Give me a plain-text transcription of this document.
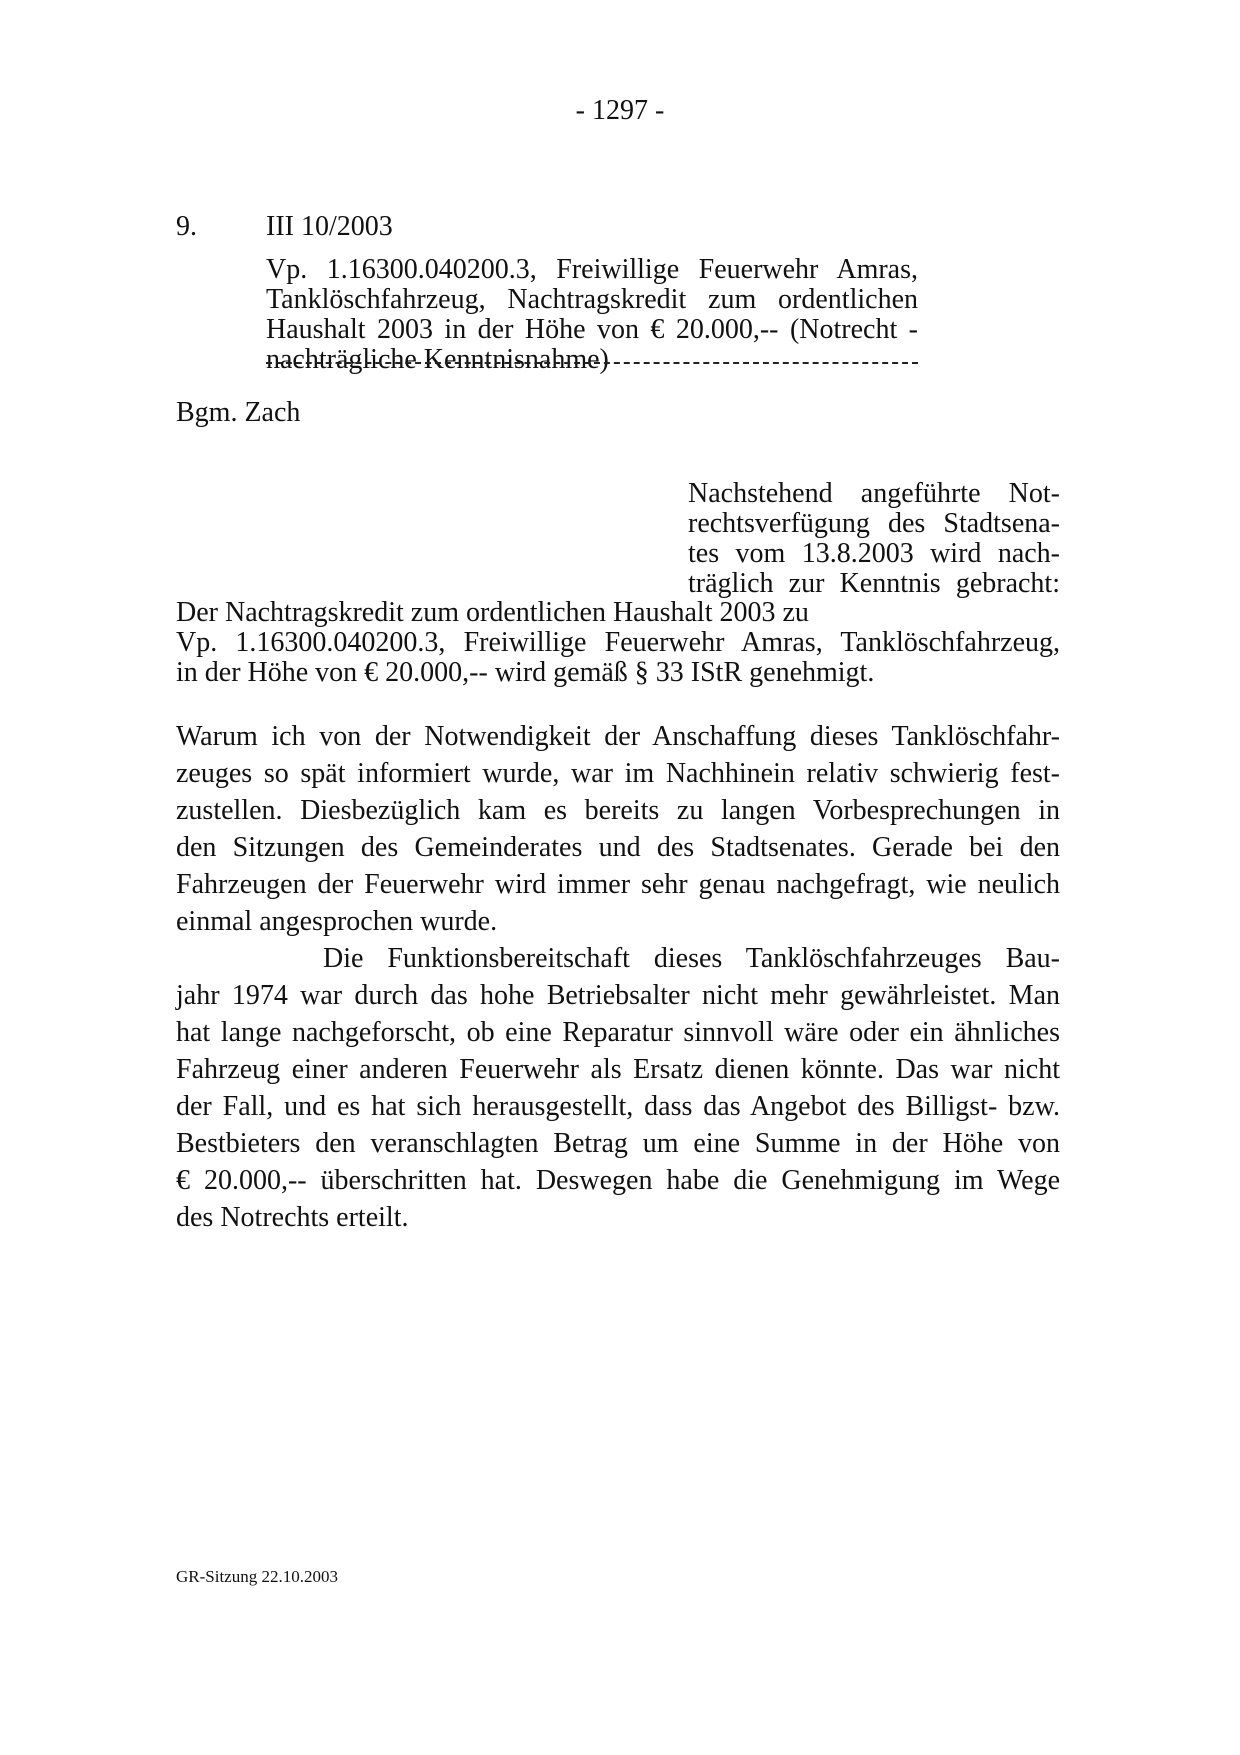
- 1297 -
9. III 10/2003
Vp. 1.16300.040200.3, Freiwillige Feuerwehr Amras,
Tanklöschfahrzeug, Nachtragskredit zum ordentlichen
Haushalt 2003 in der Höhe von € 20.000,-- (Notrecht -
nachträgliche Kenntnisnahme)
Bgm. Zach
Nachstehend angeführte Not-
rechtsverfügung des Stadtsena-
tes vom 13.8.2003 wird nach-
träglich zur Kenntnis gebracht:
Der Nachtragskredit zum ordentlichen Haushalt 2003 zu
Vp. 1.16300.040200.3, Freiwillige Feuerwehr Amras, Tanklöschfahrzeug,
in der Höhe von € 20.000,-- wird gemäß § 33 IStR genehmigt.
Warum ich von der Notwendigkeit der Anschaffung dieses Tanklöschfahr-
zeuges so spät informiert wurde, war im Nachhinein relativ schwierig fest-
zustellen. Diesbezüglich kam es bereits zu langen Vorbesprechungen in
den Sitzungen des Gemeinderates und des Stadtsenates. Gerade bei den
Fahrzeugen der Feuerwehr wird immer sehr genau nachgefragt, wie neulich
einmal angesprochen wurde.
Die Funktionsbereitschaft dieses Tanklöschfahrzeuges Bau-
jahr 1974 war durch das hohe Betriebsalter nicht mehr gewährleistet. Man
hat lange nachgeforscht, ob eine Reparatur sinnvoll wäre oder ein ähnliches
Fahrzeug einer anderen Feuerwehr als Ersatz dienen könnte. Das war nicht
der Fall, und es hat sich herausgestellt, dass das Angebot des Billigst- bzw.
Bestbieters den veranschlagten Betrag um eine Summe in der Höhe von
€ 20.000,-- überschritten hat. Deswegen habe die Genehmigung im Wege
des Notrechts erteilt.
GR-Sitzung 22.10.2003
